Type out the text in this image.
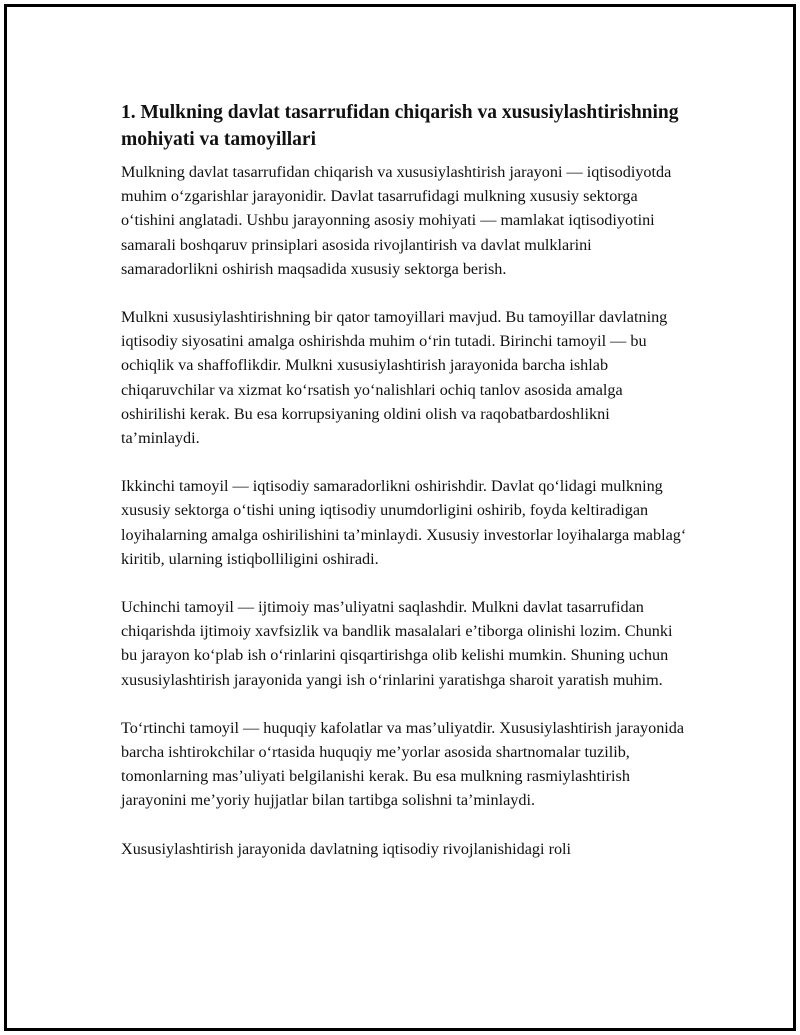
1. Mulkning davlat tasarrufidan chiqarish va xususiylashtirishning mohiyati va tamoyillari

Mulkning davlat tasarrufidan chiqarish va xususiylashtirish jarayoni — iqtisodiyotda muhim o‘zgarishlar jarayonidir. Davlat tasarrufidagi mulkning xususiy sektorga o‘tishini anglatadi. Ushbu jarayonning asosiy mohiyati — mamlakat iqtisodiyotini samarali boshqaruv prinsiplari asosida rivojlantirish va davlat mulklarini samaradorlikni oshirish maqsadida xususiy sektorga berish.

Mulkni xususiylashtirishning bir qator tamoyillari mavjud. Bu tamoyillar davlatning iqtisodiy siyosatini amalga oshirishda muhim o‘rin tutadi. Birinchi tamoyil — bu ochiqlik va shaffoflikdir. Mulkni xususiylashtirish jarayonida barcha ishlab chiqaruvchilar va xizmat ko‘rsatish yo‘nalishlari ochiq tanlov asosida amalga oshirilishi kerak. Bu esa korrupsiyaning oldini olish va raqobatbardoshlikni ta’minlaydi.

Ikkinchi tamoyil — iqtisodiy samaradorlikni oshirishdir. Davlat qo‘lidagi mulkning xususiy sektorga o‘tishi uning iqtisodiy unumdorligini oshirib, foyda keltiradigan loyihalarning amalga oshirilishini ta’minlaydi. Xususiy investorlar loyihalarga mablag‘ kiritib, ularning istiqbolliligini oshiradi.

Uchinchi tamoyil — ijtimoiy mas’uliyatni saqlashdir. Mulkni davlat tasarrufidan chiqarishda ijtimoiy xavfsizlik va bandlik masalalari e’tiborga olinishi lozim. Chunki bu jarayon ko‘plab ish o‘rinlarini qisqartirishga olib kelishi mumkin. Shuning uchun xususiylashtirish jarayonida yangi ish o‘rinlarini yaratishga sharoit yaratish muhim.

To‘rtinchi tamoyil — huquqiy kafolatlar va mas’uliyatdir. Xususiylashtirish jarayonida barcha ishtirokchilar o‘rtasida huquqiy me’yorlar asosida shartnomalar tuzilib, tomonlarning mas’uliyati belgilanishi kerak. Bu esa mulkning rasmiylashtirish jarayonini me’yoriy hujjatlar bilan tartibga solishni ta’minlaydi.

Xususiylashtirish jarayonida davlatning iqtisodiy rivojlanishidagi roli
